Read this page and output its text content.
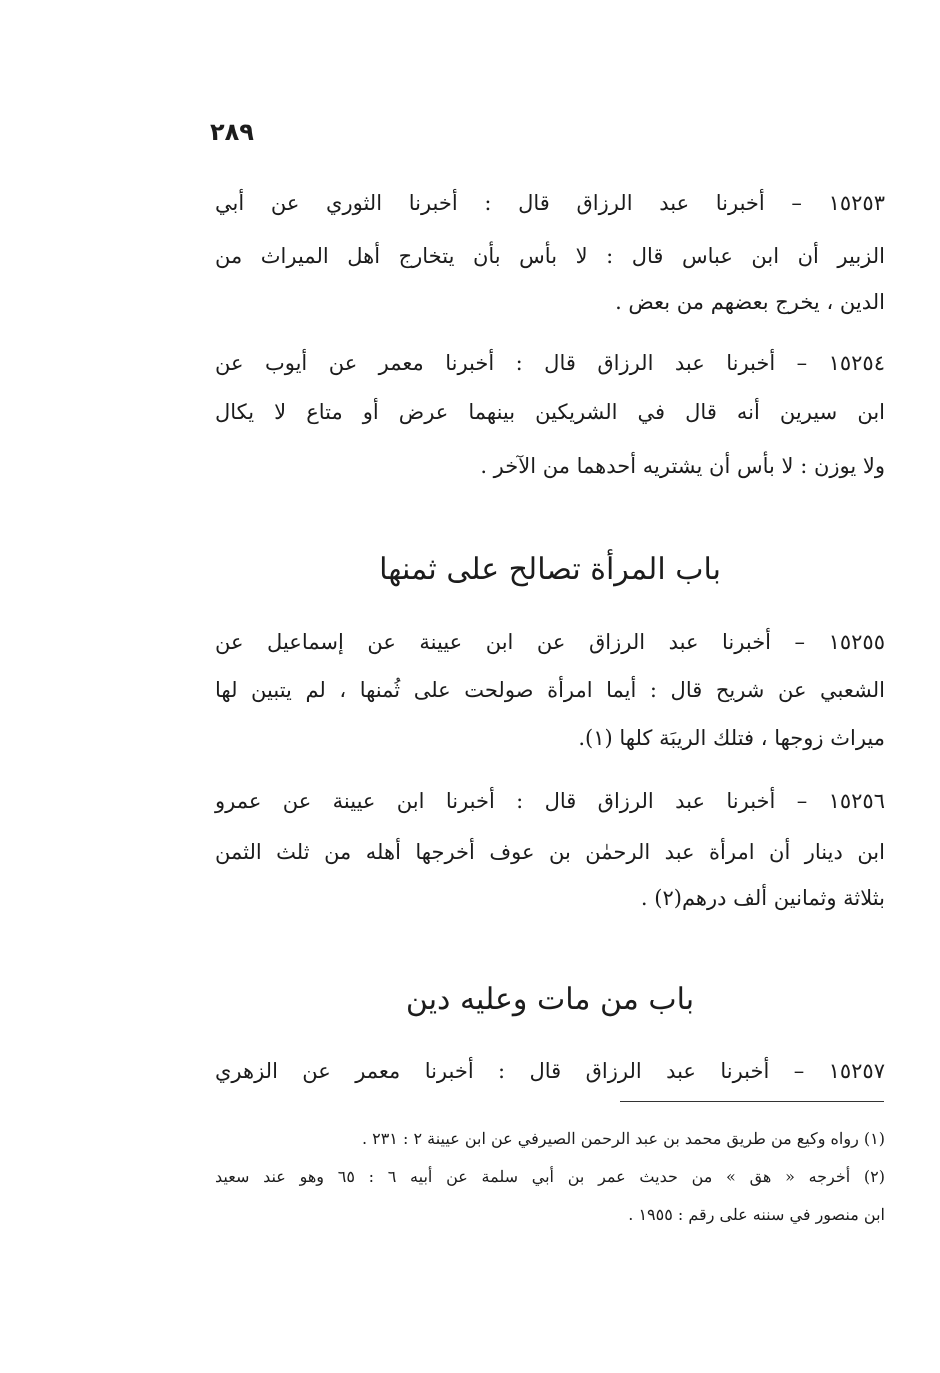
٢٨٩
١٥٢٥٣ – أخبرنا عبد الرزاق قال : أخبرنا الثوري عن أبي
الزبير أن ابن عباس قال : لا بأس بأن يتخارج أهل الميراث من
الدين ، يخرج بعضهم من بعض .
١٥٢٥٤ – أخبرنا عبد الرزاق قال : أخبرنا معمر عن أيوب عن
ابن سيرين أنه قال في الشريكين بينهما عرض أو متاع لا يكال
ولا يوزن : لا بأس أن يشتريه أحدهما من الآخر .
باب المرأة تصالح على ثمنها
١٥٢٥٥ – أخبرنا عبد الرزاق عن ابن عيينة عن إسماعيل عن
الشعبي عن شريح قال : أيما امرأة صولحت على ثُمنها ، لم يتبين لها
ميراث زوجها ، فتلك الريبَة كلها (١).
١٥٢٥٦ – أخبرنا عبد الرزاق قال : أخبرنا ابن عيينة عن عمرو
ابن دينار أن امرأة عبد الرحمٰن بن عوف أخرجها أهله من ثلث الثمن
بثلاثة وثمانين ألف درهم(٢) .
باب من مات وعليه دين
١٥٢٥٧ – أخبرنا عبد الرزاق قال : أخبرنا معمر عن الزهري
(١) رواه وكيع من طريق محمد بن عبد الرحمن الصيرفي عن ابن عيينة ٢ : ٢٣١ .
(٢) أخرجه « هق » من حديث عمر بن أبي سلمة عن أبيه ٦ : ٦٥ وهو عند سعيد
ابن منصور في سننه على رقم : ١٩٥٥ .
